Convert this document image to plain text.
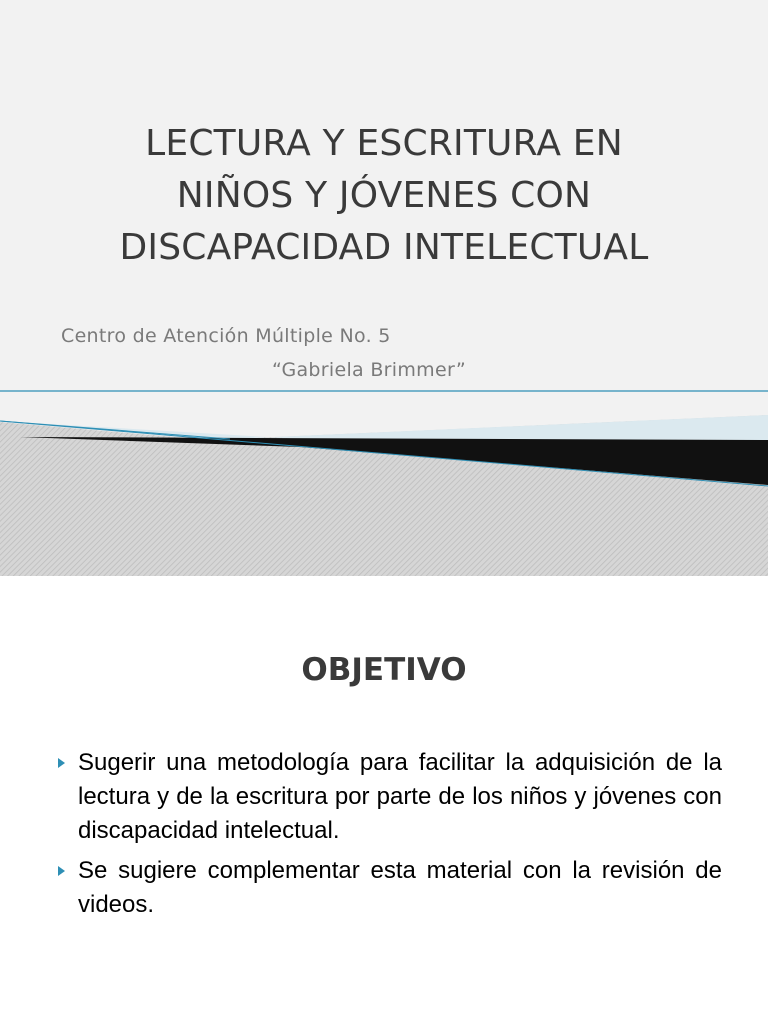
LECTURA Y ESCRITURA EN
NIÑOS Y JÓVENES CON
DISCAPACIDAD INTELECTUAL
Centro de Atención Múltiple No. 5
“Gabriela Brimmer”
OBJETIVO
Sugerir una metodología para facilitar la adquisición de la lectura y de la escritura por parte de los niños y jóvenes con discapacidad intelectual.
Se sugiere complementar esta material con la revisión de videos.
